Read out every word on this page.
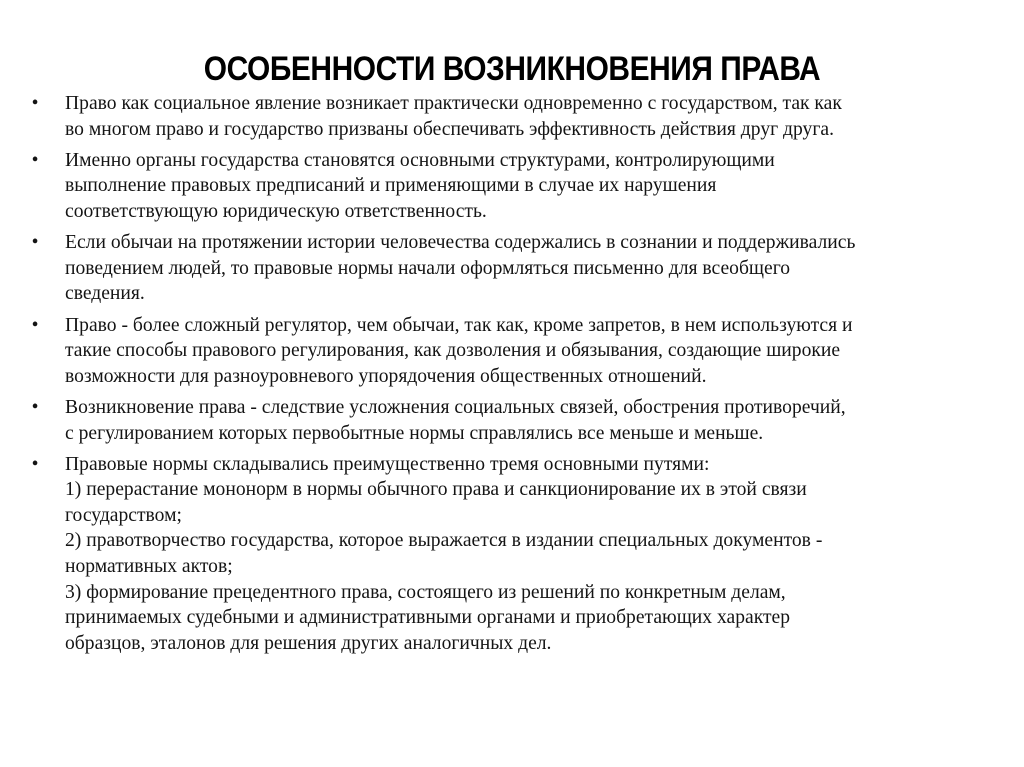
ОСОБЕННОСТИ ВОЗНИКНОВЕНИЯ ПРАВА
• Право как социальное явление возникает практически одновременно с государством, так как
во многом право и государство призваны обеспечивать эффективность действия друг друга.
• Именно органы государства становятся основными структурами, контролирующими
выполнение правовых предписаний и применяющими в случае их нарушения
соответствующую юридическую ответственность.
• Если обычаи на протяжении истории человечества содержались в сознании и поддерживались
поведением людей, то правовые нормы начали оформляться письменно для всеобщего
сведения.
• Право - более сложный регулятор, чем обычаи, так как, кроме запретов, в нем используются и
такие способы правового регулирования, как дозволения и обязывания, создающие широкие
возможности для разноуровневого упорядочения общественных отношений.
• Возникновение права - следствие усложнения социальных связей, обострения противоречий,
с регулированием которых первобытные нормы справлялись все меньше и меньше.
• Правовые нормы складывались преимущественно тремя основными путями:
1) перерастание мононорм в нормы обычного права и санкционирование их в этой связи
государством;
2) правотворчество государства, которое выражается в издании специальных документов -
нормативных актов;
3) формирование прецедентного права, состоящего из решений по конкретным делам,
принимаемых судебными и административными органами и приобретающих характер
образцов, эталонов для решения других аналогичных дел.
